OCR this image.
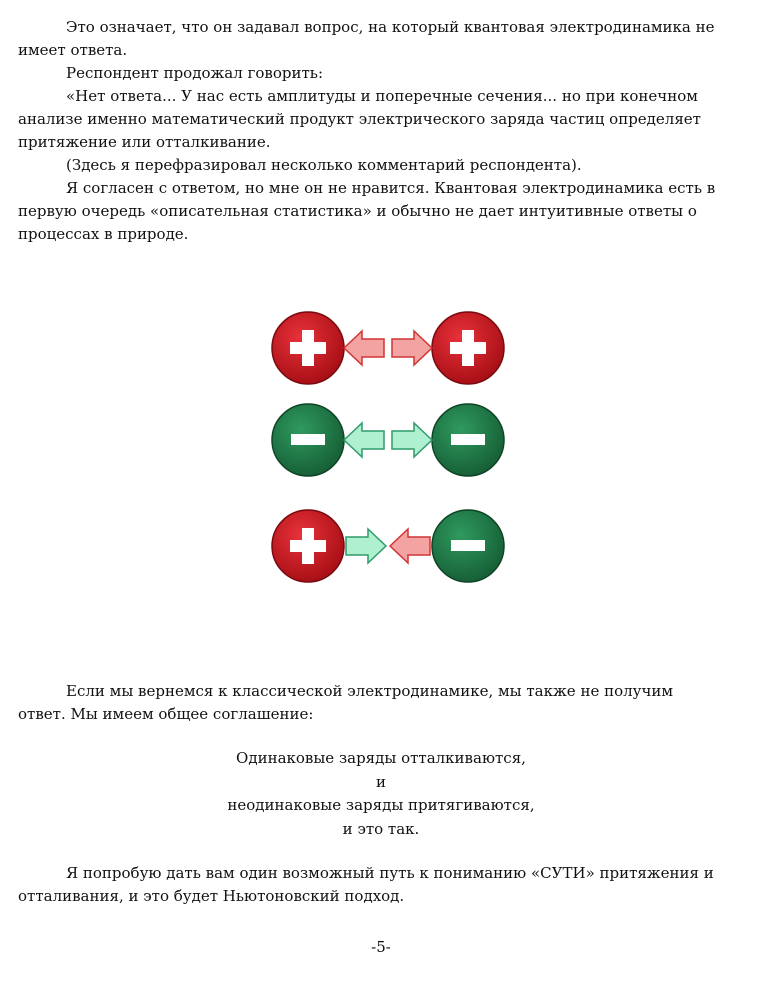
Это означает, что он задавал вопрос, на который квантовая электродинамика не имеет ответа.

Респондент продожал говорить:

«Нет ответа... У нас есть амплитуды и поперечные сечения... но при конечном анализе именно математический продукт электрического заряда частиц определяет притяжение или отталкивание.

(Здесь я перефразировал несколько комментарий респондента).

Я согласен с ответом, но мне он не нравится. Квантовая электродинамика есть в первую очередь «описательная статистика» и обычно не дает интуитивные ответы о процессах в природе.

Если мы вернемся к классической электродинамике, мы также не получим ответ. Мы имеем общее соглашение:

Одинаковые заряды отталкиваются,

и

неодинаковые заряды притягиваются,

и это так.

Я попробую дать вам один возможный путь к пониманию «СУТИ» притяжения и отталивания, и это будет Ньютоновский подход.

-5-
